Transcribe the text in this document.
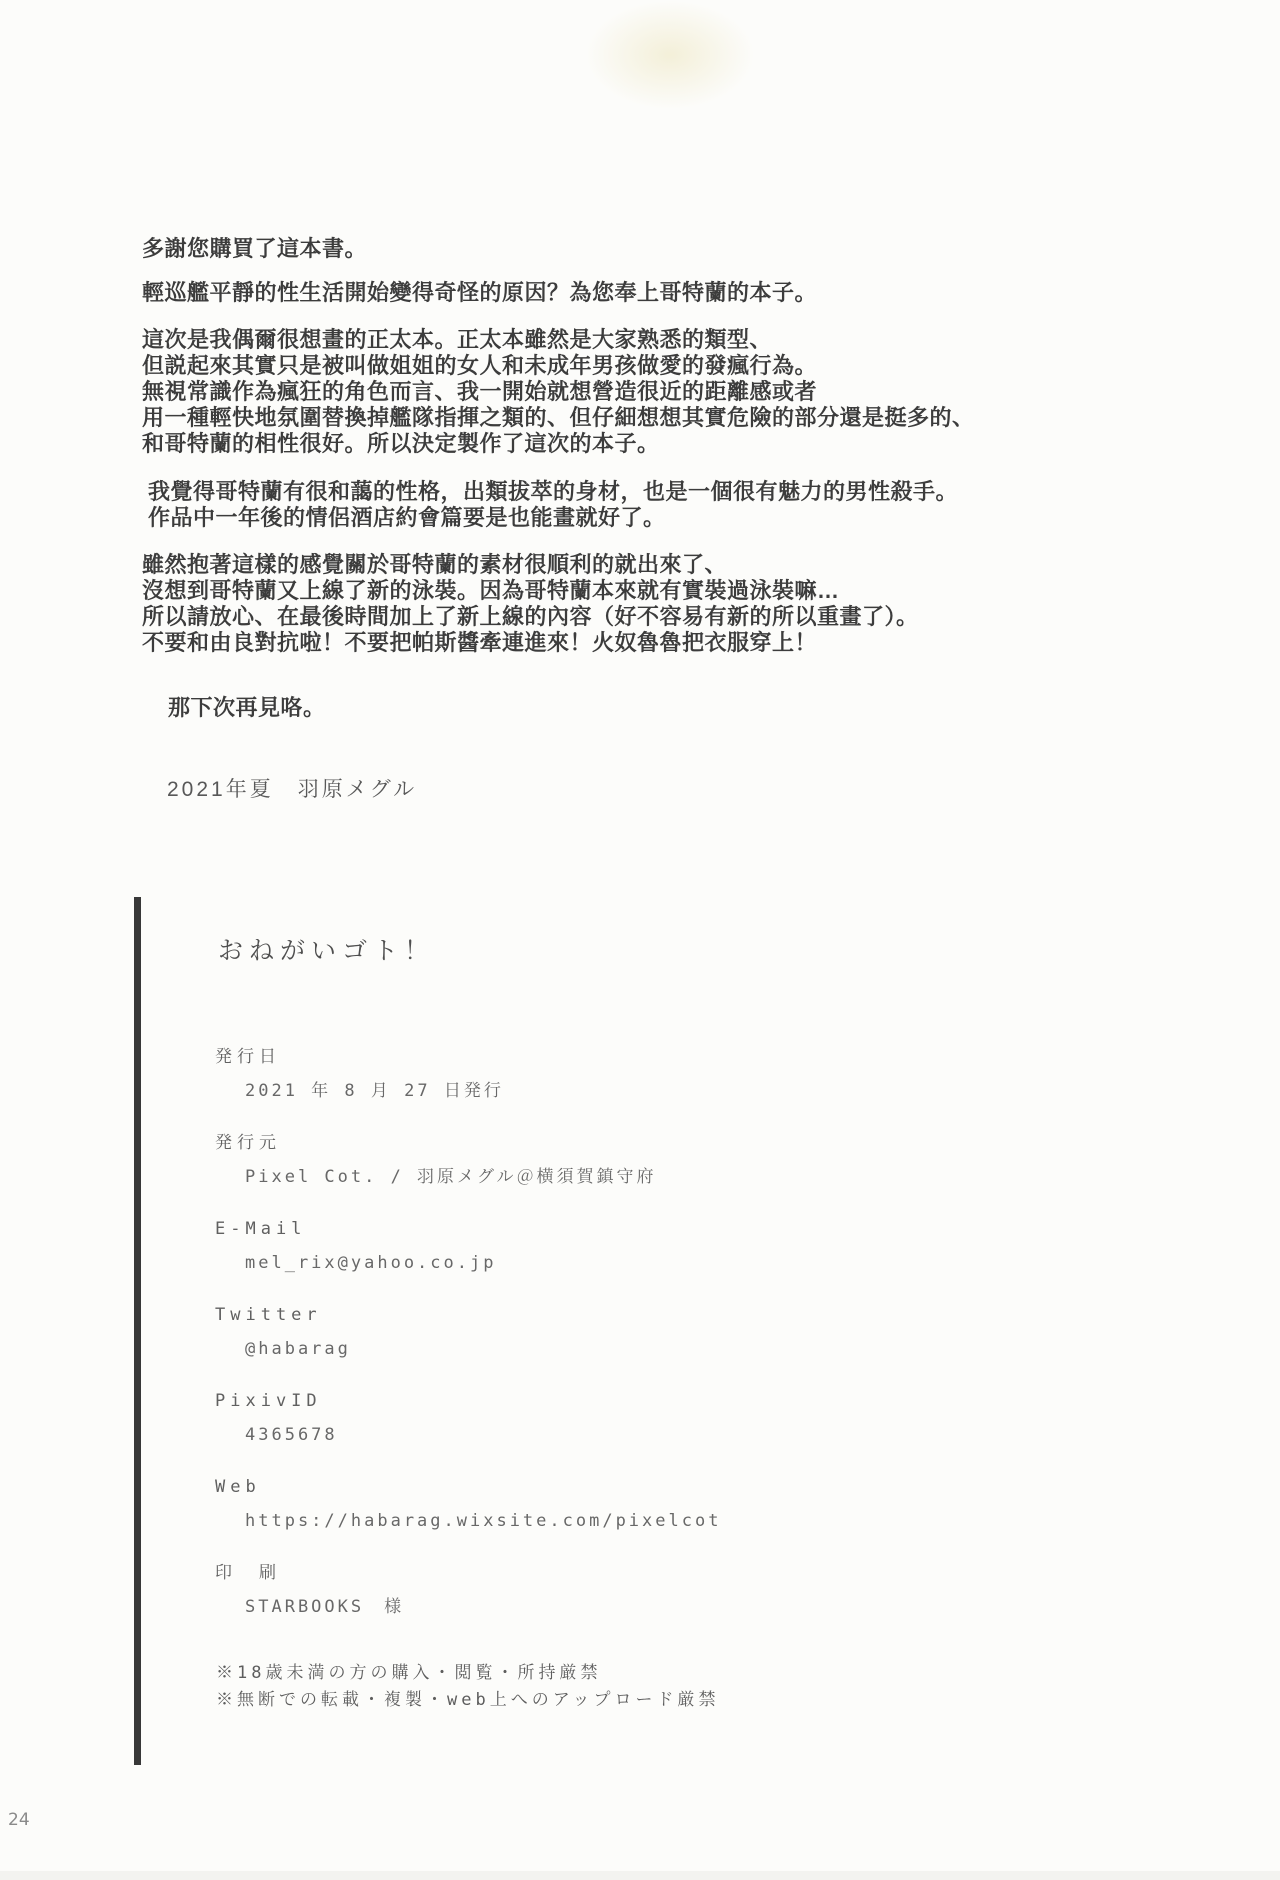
多謝您購買了這本書。
輕巡艦平靜的性生活開始變得奇怪的原因？為您奉上哥特蘭的本子。
這次是我偶爾很想畫的正太本。正太本雖然是大家熟悉的類型、
但説起來其實只是被叫做姐姐的女人和未成年男孩做愛的發瘋行為。
無視常識作為瘋狂的角色而言、我一開始就想營造很近的距離感或者
用一種輕快地氛圍替換掉艦隊指揮之類的、但仔細想想其實危險的部分還是挺多的、
和哥特蘭的相性很好。所以決定製作了這次的本子。
我覺得哥特蘭有很和藹的性格，出類拔萃的身材，也是一個很有魅力的男性殺手。
作品中一年後的情侶酒店約會篇要是也能畫就好了。
雖然抱著這樣的感覺關於哥特蘭的素材很順利的就出來了、
沒想到哥特蘭又上線了新的泳裝。因為哥特蘭本來就有實裝過泳裝嘛…
所以請放心、在最後時間加上了新上線的內容（好不容易有新的所以重畫了）。
不要和由良對抗啦！不要把帕斯醬牽連進來！火奴魯魯把衣服穿上！
那下次再見咯。
2021年夏　羽原メグル
おねがいゴト！
発行日
2021 年 8 月 27 日発行
発行元
Pixel Cot. / 羽原メグル＠横須賀鎮守府
E-Mail
mel_rix@yahoo.co.jp
Twitter
@habarag
PixivID
4365678
Web
https://habarag.wixsite.com/pixelcot
印　刷
STARBOOKS　様
※18歳未満の方の購入・閲覧・所持厳禁
※無断での転載・複製・web上へのアップロード厳禁
24
